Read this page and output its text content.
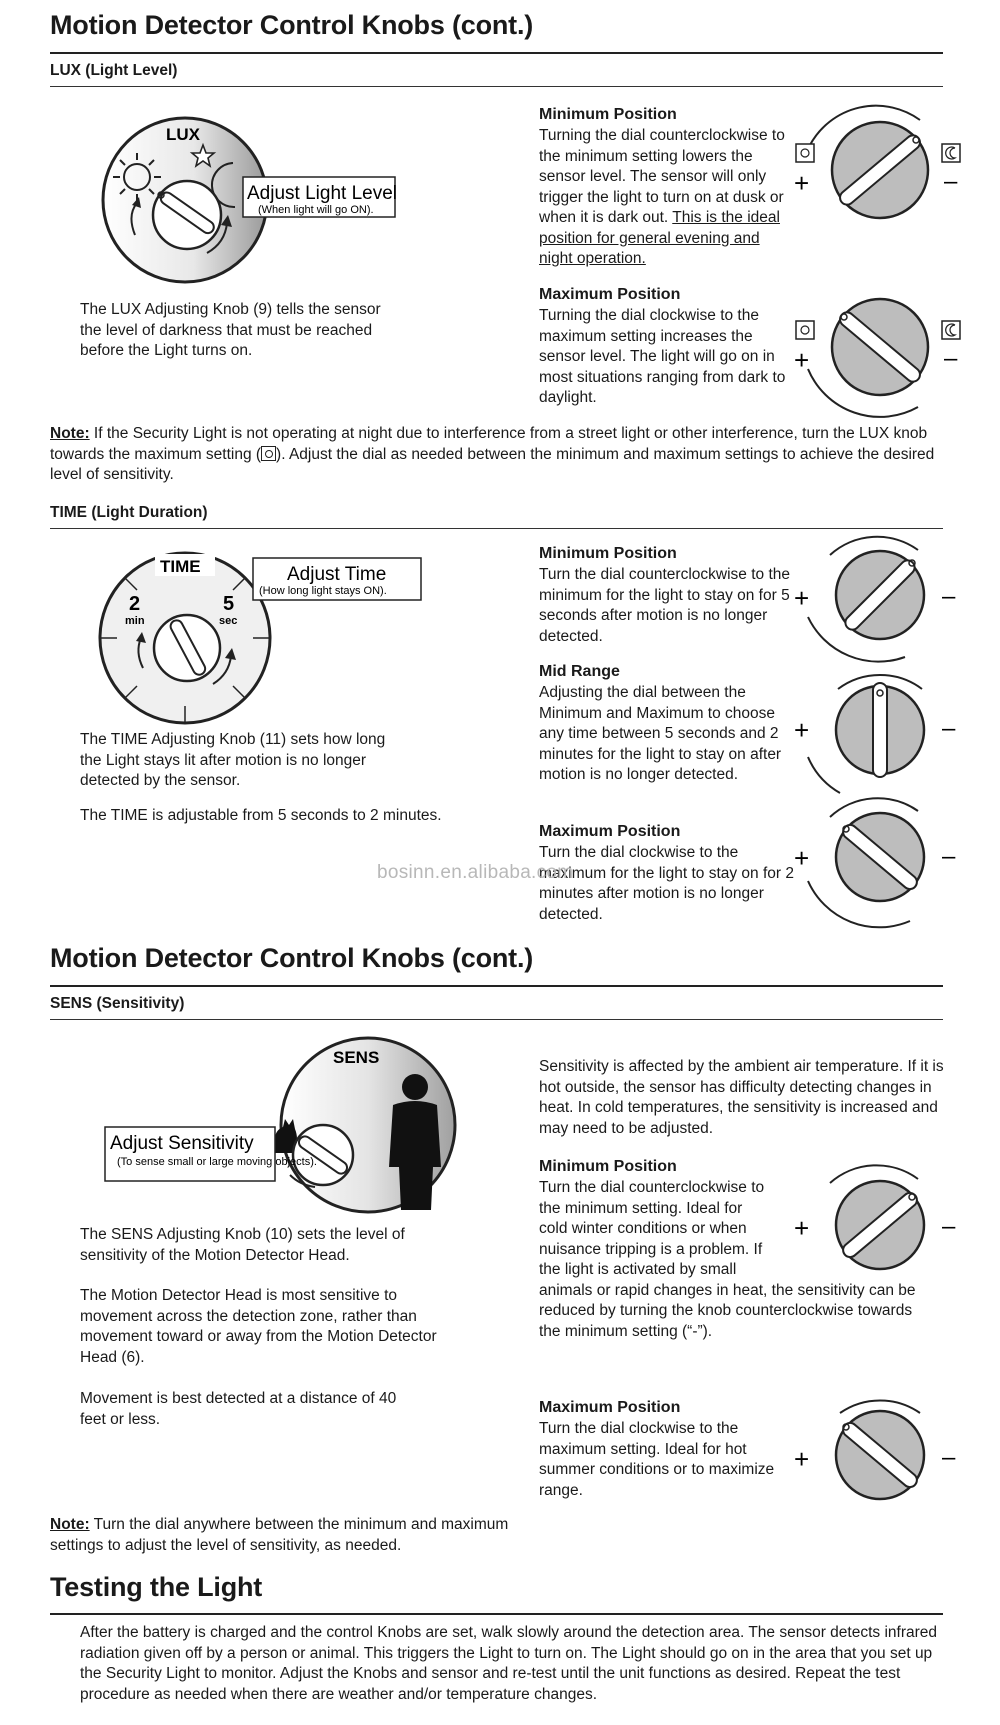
Motion Detector Control Knobs (cont.)
LUX (Light Level)
LUX
Adjust Light Level
(When light will go ON).
The LUX Adjusting Knob (9) tells the sensor the level of darkness that must be reached before the Light turns on.
Minimum Position
Turning the dial counterclockwise to the minimum setting lowers the sensor level. The sensor will only trigger the light to turn on at dusk or when it is dark out. This is the ideal position for general evening and night operation.
Maximum Position
Turning the dial clockwise to the maximum setting increases the sensor level. The light will go on in most situations ranging from dark to daylight.
+	–
+	–
Note: If the Security Light is not operating at night due to interference from a street light or other interference, turn the LUX knob towards the maximum setting ( ). Adjust the dial as needed between the minimum and maximum settings to achieve the desired level of sensitivity.
TIME (Light Duration)
TIME
2
min
5
sec
Adjust Time
(How long light stays ON).
The TIME Adjusting Knob (11) sets how long the Light stays lit after motion is no longer detected by the sensor.
The TIME is adjustable from 5 seconds to 2 minutes.
Minimum Position
Turn the dial counterclockwise to the minimum for the light to stay on for 5 seconds after motion is no longer detected.
Mid Range
Adjusting the dial between the Minimum and Maximum to choose any time between 5 seconds and 2 minutes for the light to stay on after motion is no longer detected.
Maximum Position
Turn the dial clockwise to the maximum for the light to stay on for 2 minutes after motion is no longer detected.
+	–
+	–
+	–
bosinn.en.alibaba.com
Motion Detector Control Knobs (cont.)
SENS (Sensitivity)
SENS
Adjust Sensitivity
(To sense small or large moving objects).
The SENS Adjusting Knob (10) sets the level of sensitivity of the Motion Detector Head.
The Motion Detector Head is most sensitive to movement across the detection zone, rather than movement toward or away from the Motion Detector Head (6).
Movement is best detected at a distance of 40 feet or less.
Sensitivity is affected by the ambient air temperature. If it is hot outside, the sensor has difficulty detecting changes in heat. In cold temperatures, the sensitivity is increased and may need to be adjusted.
Minimum Position
Turn the dial counterclockwise to the minimum setting. Ideal for cold winter conditions or when nuisance tripping is a problem. If the light is activated by small animals or rapid changes in heat, the sensitivity can be reduced by turning the knob counterclockwise towards the minimum setting (“-”).
+	–
Maximum Position
Turn the dial clockwise to the maximum setting. Ideal for hot summer conditions or to maximize range.
+	–
Note: Turn the dial anywhere between the minimum and maximum settings to adjust the level of sensitivity, as needed.
Testing the Light
After the battery is charged and the control Knobs are set, walk slowly around the detection area. The sensor detects infrared radiation given off by a person or animal. This triggers the Light to turn on. The Light should go on in the area that you set up the Security Light to monitor. Adjust the Knobs and sensor and re-test until the unit functions as desired. Repeat the test procedure as needed when there are weather and/or temperature changes.
